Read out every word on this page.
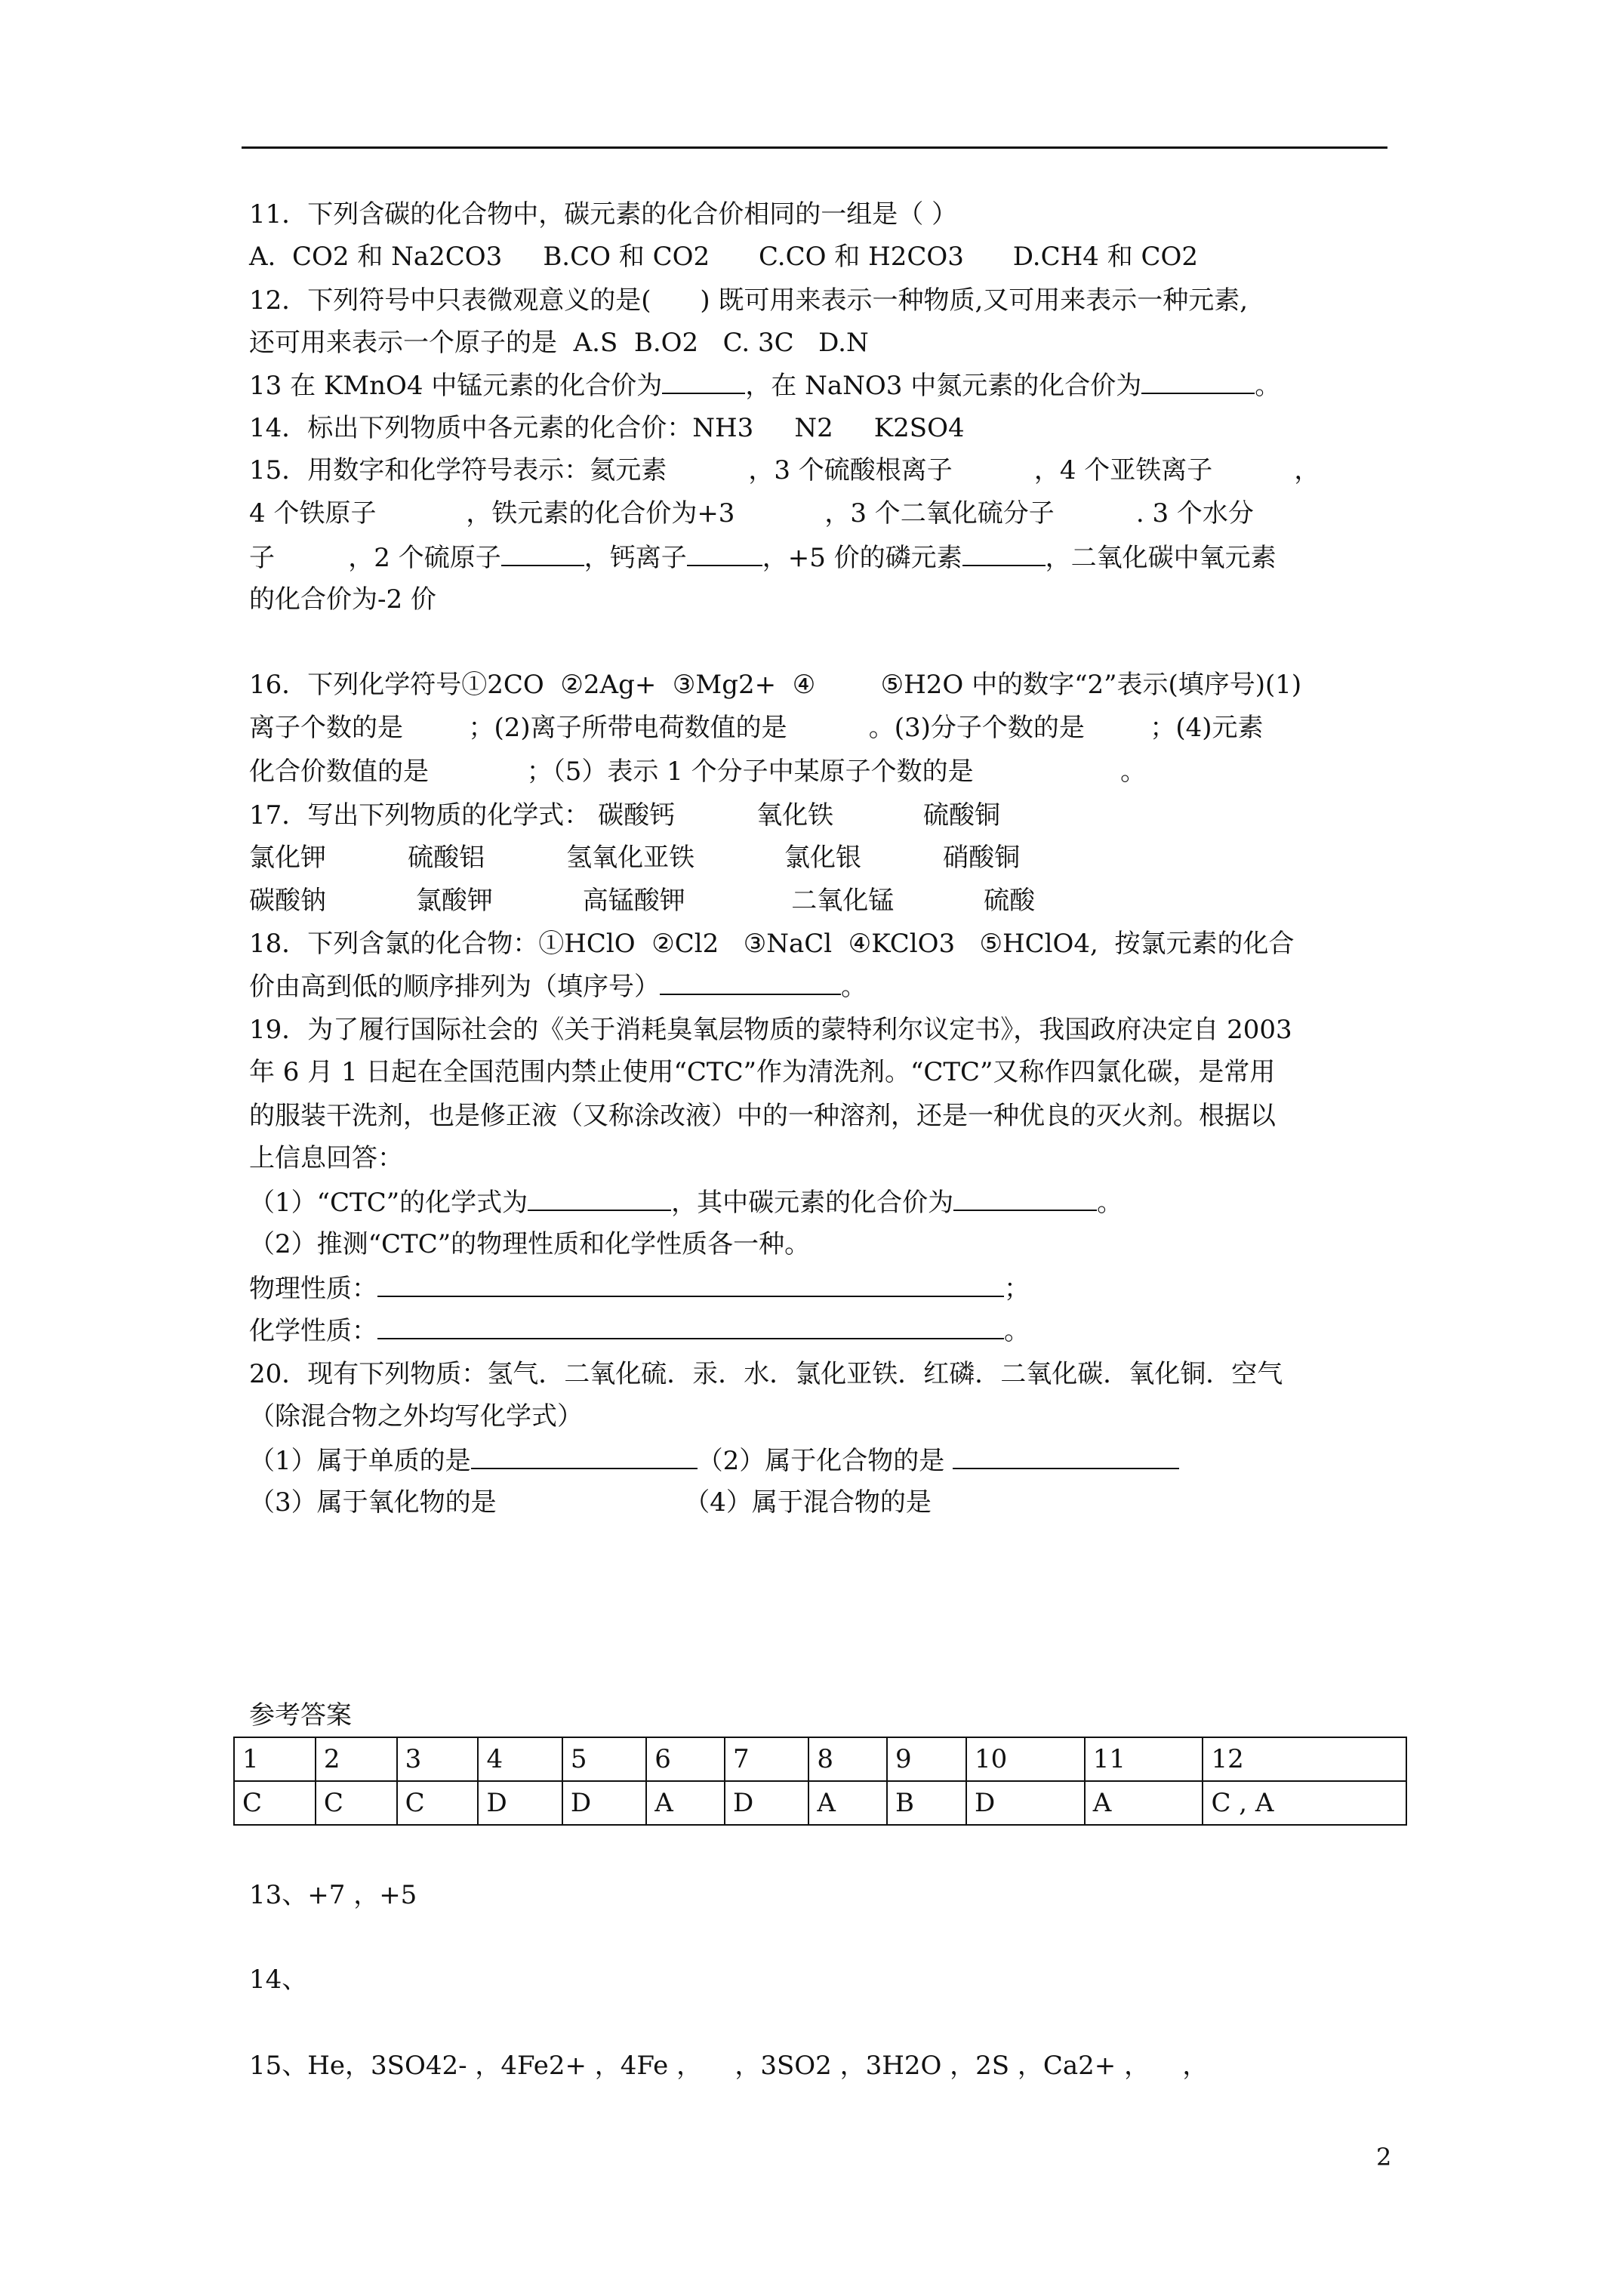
11．下列含碳的化合物中，碳元素的化合价相同的一组是（ ）
A.  CO2 和 Na2CO3     B.CO 和 CO2      C.CO 和 H2CO3      D.CH4 和 CO2
12．下列符号中只表微观意义的是(      ) 既可用来表示一种物质,又可用来表示一种元素,
还可用来表示一个原子的是  A.S  B.O2   C. 3C   D.N
13 在 KMnO4 中锰元素的化合价为	，在 NaNO3 中氮元素的化合价为	。
14．标出下列物质中各元素的化合价：NH3     N2     K2SO4
15．用数字和化学符号表示：氦元素          ，3 个硫酸根离子          ，4 个亚铁离子          ，
4 个铁原子           ，铁元素的化合价为+3           ，3 个二氧化硫分子          . 3 个水分
子         ，2 个硫原子	，钙离子	，+5 价的磷元素	，二氧化碳中氧元素
的化合价为-2 价
16．下列化学符号①2CO  ②2Ag+  ③Mg2+  ④        ⑤H2O 中的数字“2”表示(填序号)(1)
离子个数的是        ；(2)离子所带电荷数值的是          。(3)分子个数的是        ；(4)元素
化合价数值的是            ；（5）表示 1 个分子中某原子个数的是                  。
17．写出下列物质的化学式： 碳酸钙          氧化铁           硫酸铜
氯化钾          硫酸铝          氢氧化亚铁           氯化银          硝酸铜
碳酸钠           氯酸钾           高锰酸钾             二氧化锰           硫酸
18．下列含氯的化合物：①HClO  ②Cl2   ③NaCl  ④KClO3   ⑤HClO4,  按氯元素的化合
价由高到低的顺序排列为（填序号）	。
19．为了履行国际社会的《关于消耗臭氧层物质的蒙特利尔议定书》，我国政府决定自 2003
年 6 月 1 日起在全国范围内禁止使用“CTC”作为清洗剂。“CTC”又称作四氯化碳，是常用
的服装干洗剂，也是修正液（又称涂改液）中的一种溶剂，还是一种优良的灭火剂。根据以
上信息回答：
（1）“CTC”的化学式为	，其中碳元素的化合价为	。
（2）推测“CTC”的物理性质和化学性质各一种。
物理性质：	；
化学性质：	。
20．现有下列物质：氢气．二氧化硫．汞．水．氯化亚铁．红磷．二氧化碳．氧化铜．空气
（除混合物之外均写化学式）
（1）属于单质的是	（2）属于化合物的是
（3）属于氧化物的是                       （4）属于混合物的是
参考答案
1	2	3	4	5	6	7	8	9	10	11	12
C	C	C	D	D	A	D	A	B	D	A	C , A
13、+7 ，+5
14、
15、He，3SO42- ，4Fe2+ ，4Fe ，    ，3SO2 ，3H2O ，2S ，Ca2+ ，    ，
2
